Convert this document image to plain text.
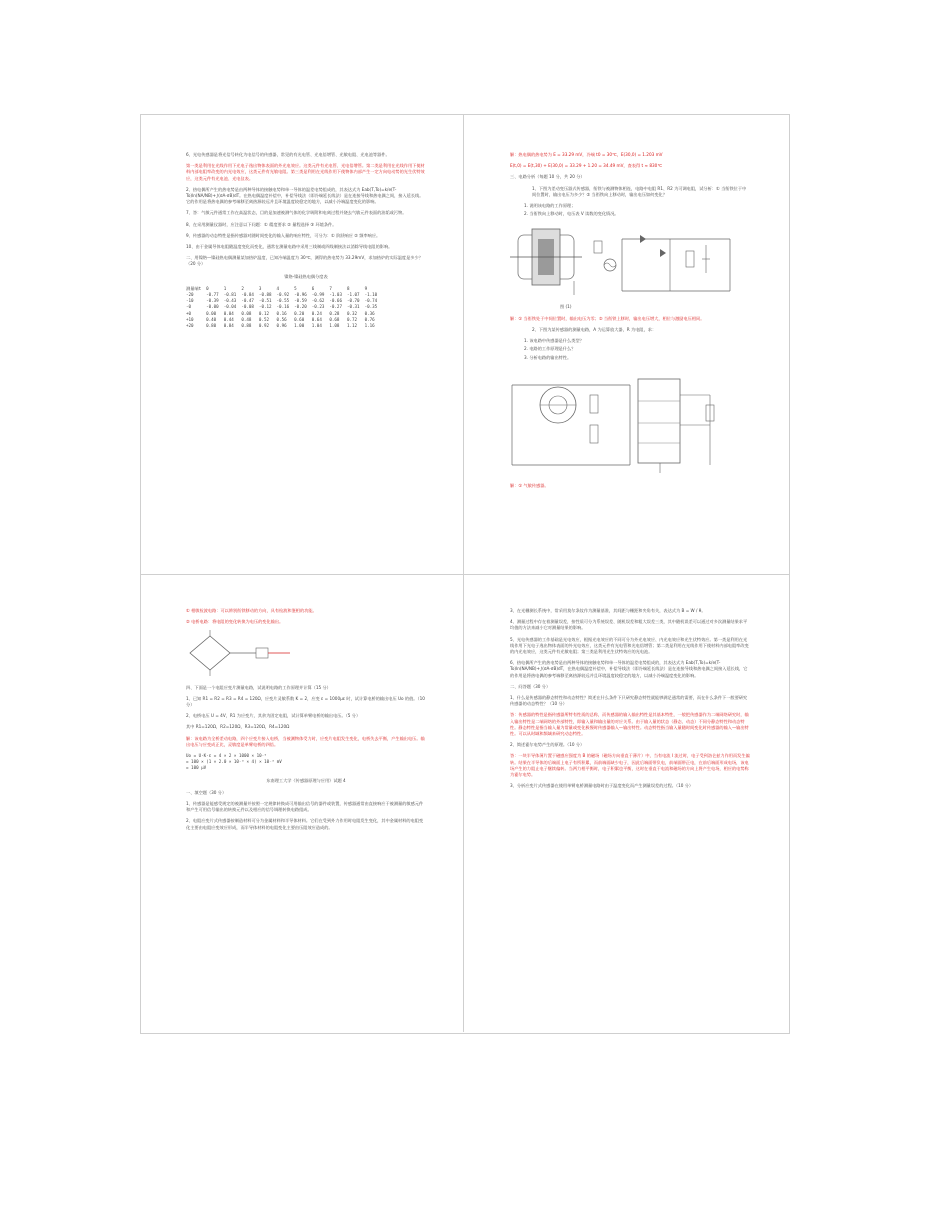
6、光电传感器是将光信号转化为电信号的传感器，常见的有光电管、光电倍增管、光敏电阻、光电池等器件。
第一类是利用在光线作用下光电子逸出物体表面的外光电效应。这类元件有光电管、光电倍增管。第二类是利用在光线作用下使材料内部电阻率改变的内光电效应，这类元件有光敏电阻。第三类是利用在光线作用下使物体内部产生一定方向电动势的光生伏特效应，这类元件有光电池、光电仪表。
2、热电偶所产生的热电势是由两种导体的接触电势和单一导体的温差电势组成的，其表达式为 Eab(T,To)=k/e(T-To)ln(NA/NB)+∫(σA-σB)dT。在热电偶温度补偿中，补偿导线法（即冷端延长线法）是在连接导线和热电偶之间，接入延长线。它的作用是将热电偶的参考端移至离热源较远并且环境温度较稳定的地方，以减小冷端温度变化的影响。
7、答：气敏元件通常工作在高温状态，目的是加速被测气体的化学吸附和电离过程并烧去气敏元件表面的油垢或污物。
8、在采用测量仪器时，应注意以下问题：① 精度要求 ② 量程选择 ③ 环境条件。
9、传感器的动态特性是指传感器对随时间变化的输入量的响应特性，可分为：① 阶跃响应 ② 频率响应。
10、由于金属导体电阻随温度变化而变化，通常在测量电路中采用三线制或四线制接法以消除导线电阻的影响。
二、用镍铬—镍硅热电偶测量某加热炉温度，已知冷端温度为 30℃，测得的热电势为 33.29mV，求加热炉的实际温度是多少？（20 分）
镍铬-镍硅热电偶分度表
测量端t	0	1	2	3	4	5	6	7	8	9
-20	-0.77	-0.81	-0.84	-0.88	-0.92	-0.96	-0.99	-1.03	-1.07	-1.10
-10	-0.39	-0.43	-0.47	-0.51	-0.55	-0.59	-0.62	-0.66	-0.70	-0.74
-0	-0.00	-0.04	-0.08	-0.12	-0.16	-0.20	-0.23	-0.27	-0.31	-0.35
+0	0.00	0.04	0.08	0.12	0.16	0.20	0.24	0.28	0.32	0.36
+10	0.40	0.44	0.48	0.52	0.56	0.60	0.64	0.68	0.72	0.76
+20	0.80	0.84	0.88	0.92	0.96	1.00	1.04	1.08	1.12	1.16
解：热电偶的热电势为 E = 33.29 mV，冷端 t0 = 30℃，E(30,0) = 1.203 mV
E(t,0) = E(t,30) + E(30,0) = 33.29 + 1.20 = 34.49 mV，查表得 t ≈ 830℃
三、电路分析（每题 10 分，共 20 分）
1、下图为差动变压器式传感器，衔铁与被测物体相连，电路中电阻 R1、R2 为可调电阻，试分析：① 当衔铁位于中间位置时，输出电压为多少？② 当衔铁向上移动时，输出电压如何变化？
1. 说明该电路的工作原理；
2. 当衔铁向上移动时，电压表 V 读数的变化情况。
图 (1)
解：① 当衔铁处于中间位置时，输出电压为零；② 当衔铁上移时，输出电压增大，相位与激励电压相同。
2、下图为某传感器的测量电路，A 为运算放大器，R 为电阻，求：
1. 该电路中传感器是什么类型？
2. 电路的工作原理是什么？
3. 分析电路的输出特性。
解：① 气敏传感器。
① 相敏检波电路：可以辨别衔铁移动的方向，具有检波和鉴相的功能。
② 电桥电路：将电阻的变化转换为电压的变化输出。
四、下面是一个电阻应变片测量电路，试说明电路的工作原理并计算（15 分）
1、已知 R1 = R2 = R3 = R4 = 120Ω，应变片灵敏系数 K = 2，应变 ε = 1000με 时，试计算电桥的输出电压 Uo 的值。（10 分）
2、电桥电压 U = 4V，R1 为应变片，其余为固定电阻，试计算单臂电桥的输出电压。（5 分）
其中 R1=120Ω，R2=120Ω，R3=120Ω，R4=120Ω
解：该电路为全桥差动电路，四个应变片接入电桥，当被测物体受力时，应变片电阻发生变化，电桥失去平衡，产生输出电压。输出电压与应变成正比，灵敏度是单臂电桥的四倍。
Uo = U·K·ε = 4 × 2 × 1000 × 10⁻⁶
= 100 × (1 × 2.0 × 10⁻³ × 4) × 10⁻³ mV
= 100 μV
东南理工大学《传感器原理与应用》试题 4
一、填空题（30 分）
1、传感器是能感受规定的被测量并按照一定规律转换成可用输出信号的器件或装置，传感器通常由直接响应于被测量的敏感元件和产生可用信号输出的转换元件以及相应的信号调理转换电路组成。
2、电阻应变片式传感器按制造材料可分为金属材料和半导体材料。它们在受到外力作用时电阻发生变化，其中金属材料的电阻变化主要由电阻应变效应形成，而半导体材料的电阻变化主要由压阻效应造成的。
3、在光栅测长系统中，常采用莫尔条纹作为测量基准，其间距与栅距和夹角有关，表达式为 B = W / θ。
4、测量过程中存在着测量误差，按性质可分为系统误差、随机误差和粗大误差三类，其中随机误差可以通过对多次测量结果求平均值的方法来减小它对测量结果的影响。
5、光电传感器的工作基础是光电效应，根据光电效应的不同可分为外光电效应、内光电效应和光生伏特效应。第一类是利用在光线作用下光电子逸出物体表面的外光电效应，这类元件有光电管和光电倍增管；第二类是利用在光线作用下使材料内部电阻率改变的内光电效应，这类元件有光敏电阻；第三类是利用光生伏特效应的光电池。
6、热电偶所产生的热电势是由两种导体的接触电势和单一导体的温差电势组成的，其表达式为 Eab(T,To)=k/e(T-To)ln(NA/NB)+∫(σA-σB)dT，在热电偶温度补偿中，补偿导线法（即冷端延长线法）是在连接导线和热电偶之间接入延长线，它的作用是将热电偶的参考端移至离热源较远并且环境温度较稳定的地方，以减小冷端温度变化的影响。
二、问答题（30 分）
1、什么是传感器的静态特性和动态特性？简述在什么条件下只研究静态特性就能够满足通常的需要，而在什么条件下一般要研究传感器的动态特性？（10 分）
答：传感器的特性是指传感器所特有性质的总称，而传感器的输入输出特性是其基本特性，一般把传感器作为二端网络研究时，输入输出特性是二端网络的外部特性，即输入量和输出量的对应关系。由于输入量的状态（静态、动态）不同分静态特性和动态特性。静态特性是指当输入量为常量或变化极慢时传感器输入—输出特性。动态特性指当输入量随时间变化时传感器的输入—输出特性。可以从时域和频域来研究动态特性。
2、简述霍尔电势产生的原理。（10 分）
答：一块半导体薄片置于磁感应强度为 B 的磁场（磁场方向垂直于薄片）中，当有电流 I 流过时，电子受到洛仑兹力作用而发生偏转。结果在半导体的后端面上电子有所积累，而前端面缺少电子，因此后端面带负电，前端面带正电，在前后端面形成电场，该电场产生的力阻止电子继续偏转。当两力相平衡时，电子积累也平衡，这时在垂直于电流和磁场的方向上将产生电场，相应的电势称为霍尔电势。
3、分析应变片式传感器在使用单臂电桥测量电路时由于温度变化而产生测量误差的过程。（10 分）
